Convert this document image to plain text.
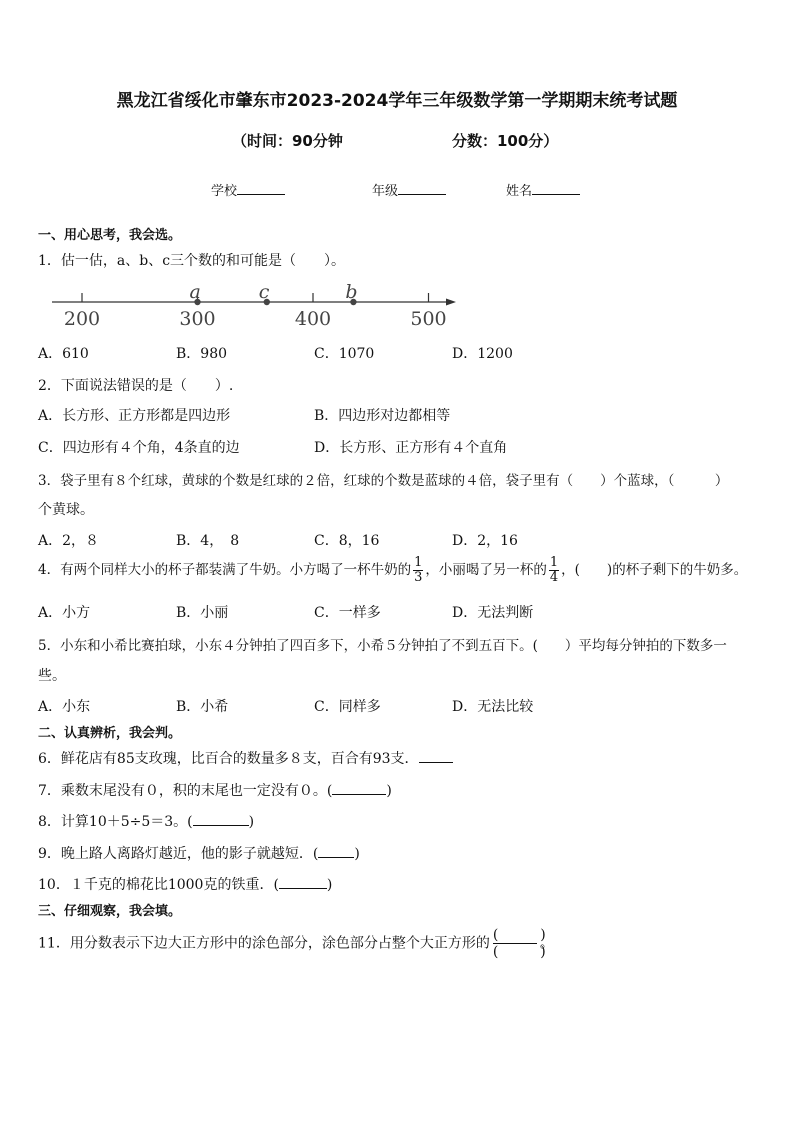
黑龙江省绥化市肇东市2023-2024学年三年级数学第一学期期末统考试题
（时间：90分钟	分数：100分）
学校	年级	姓名
一、用心思考，我会选。
1．估一估，a、b、c三个数的和可能是（　　）。
200	300	400	500
a	c	b
A．610	B．980	C．1070	D．1200
2．下面说法错误的是（　　）.
A．长方形、正方形都是四边形	B．四边形对边都相等
C．四边形有４个角，4条直的边	D．长方形、正方形有４个直角
3．袋子里有８个红球，黄球的个数是红球的２倍，红球的个数是蓝球的４倍，袋子里有（　　）个蓝球，（　　　）
个黄球。
A．2，８	B．4，　8	C．8，16	D．2，16
4．有两个同样大小的杯子都装满了牛奶。小方喝了一杯牛奶的 $\frac{1}{3}$ ，小丽喝了另一杯的 $\frac{1}{4}$ ，(　　)的杯子剩下的牛奶多。
A．小方	B．小丽	C．一样多	D．无法判断
5．小东和小希比赛拍球，小东４分钟拍了四百多下，小希５分钟拍了不到五百下。(　　）平均每分钟拍的下数多一
些。
A．小东	B．小希	C．同样多	D．无法比较
二、认真辨析，我会判。
6．鲜花店有85支玫瑰，比百合的数量多８支，百合有93支．
7．乘数末尾没有０，积的末尾也一定没有０。(	)
8．计算10＋5÷5＝3。(	)
9．晚上路人离路灯越近，他的影子就越短．(	)
10．１千克的棉花比1000克的铁重．(	)
三、仔细观察，我会填。
11．用分数表示下边大正方形中的涂色部分，涂色部分占整个大正方形的
(　　　)
(　　　)
。
